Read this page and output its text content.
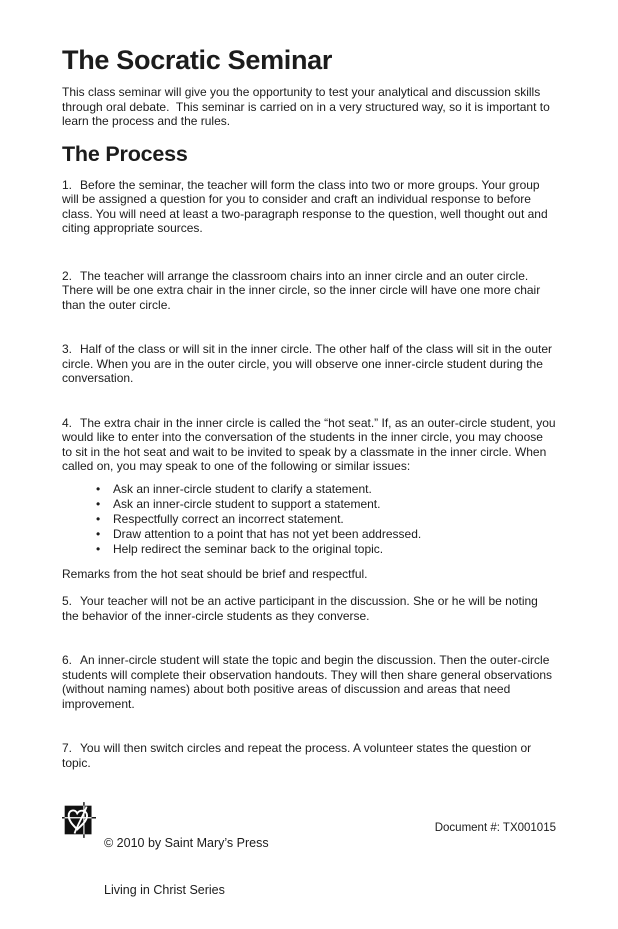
The Socratic Seminar

This class seminar will give you the opportunity to test your analytical and discussion skills through oral debate.  This seminar is carried on in a very structured way, so it is important to learn the process and the rules.

The Process

1. Before the seminar, the teacher will form the class into two or more groups. Your group will be assigned a question for you to consider and craft an individual response to before class. You will need at least a two-paragraph response to the question, well thought out and citing appropriate sources.

2. The teacher will arrange the classroom chairs into an inner circle and an outer circle. There will be one extra chair in the inner circle, so the inner circle will have one more chair than the outer circle.

3. Half of the class or will sit in the inner circle. The other half of the class will sit in the outer circle. When you are in the outer circle, you will observe one inner-circle student during the conversation.

4. The extra chair in the inner circle is called the “hot seat.” If, as an outer-circle student, you would like to enter into the conversation of the students in the inner circle, you may choose to sit in the hot seat and wait to be invited to speak by a classmate in the inner circle. When called on, you may speak to one of the following or similar issues:

• Ask an inner-circle student to clarify a statement.
• Ask an inner-circle student to support a statement.
• Respectfully correct an incorrect statement.
• Draw attention to a point that has not yet been addressed.
• Help redirect the seminar back to the original topic.

Remarks from the hot seat should be brief and respectful.

5. Your teacher will not be an active participant in the discussion. She or he will be noting the behavior of the inner-circle students as they converse.

6. An inner-circle student will state the topic and begin the discussion. Then the outer-circle students will complete their observation handouts. They will then share general observations (without naming names) about both positive areas of discussion and areas that need improvement.

7. You will then switch circles and repeat the process. A volunteer states the question or topic.

© 2010 by Saint Mary’s Press

Living in Christ Series

Document #: TX001015
